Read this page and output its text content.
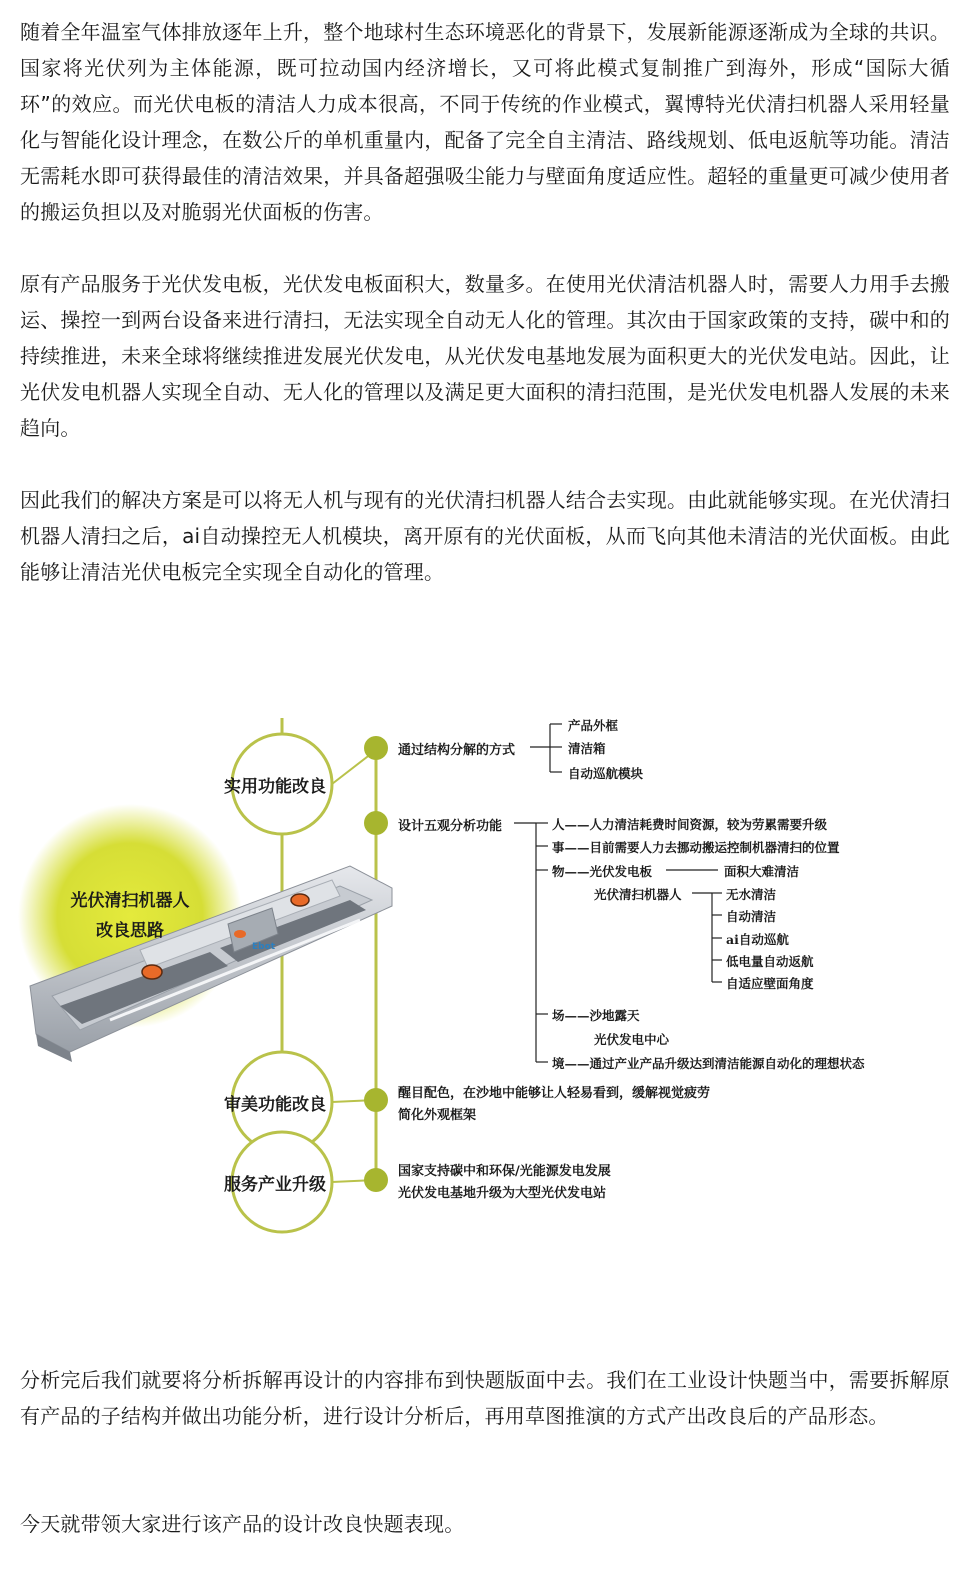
随着全年温室气体排放逐年上升，整个地球村生态环境恶化的背景下，发展新能源逐渐成为全球的共识。国家将光伏列为主体能源，既可拉动国内经济增长，又可将此模式复制推广到海外，形成“国际大循环”的效应。而光伏电板的清洁人力成本很高，不同于传统的作业模式，翼博特光伏清扫机器人采用轻量化与智能化设计理念，在数公斤的单机重量内，配备了完全自主清洁、路线规划、低电返航等功能。清洁无需耗水即可获得最佳的清洁效果，并具备超强吸尘能力与壁面角度适应性。超轻的重量更可减少使用者的搬运负担以及对脆弱光伏面板的伤害。

原有产品服务于光伏发电板，光伏发电板面积大，数量多。在使用光伏清洁机器人时，需要人力用手去搬运、操控一到两台设备来进行清扫，无法实现全自动无人化的管理。其次由于国家政策的支持，碳中和的持续推进，未来全球将继续推进发展光伏发电，从光伏发电基地发展为面积更大的光伏发电站。因此，让光伏发电机器人实现全自动、无人化的管理以及满足更大面积的清扫范围，是光伏发电机器人发展的未来趋向。

因此我们的解决方案是可以将无人机与现有的光伏清扫机器人结合去实现。由此就能够实现。在光伏清扫机器人清扫之后，ai自动操控无人机模块，离开原有的光伏面板，从而飞向其他未清洁的光伏面板。由此能够让清洁光伏电板完全实现全自动化的管理。

光伏清扫机器人
改良思路
Ebot
实用功能改良
审美功能改良
服务产业升级
通过结构分解的方式
产品外框
清洁箱
自动巡航模块
设计五观分析功能	人——人力清洁耗费时间资源，较为劳累需要升级
事——目前需要人力去挪动搬运控制机器清扫的位置
物——光伏发电板	面积大难清洁
光伏清扫机器人	无水清洁
自动清洁
ai自动巡航
低电量自动返航
自适应壁面角度
场——沙地露天
光伏发电中心
境——通过产业产品升级达到清洁能源自动化的理想状态
醒目配色，在沙地中能够让人轻易看到，缓解视觉疲劳
简化外观框架
国家支持碳中和环保/光能源发电发展
光伏发电基地升级为大型光伏发电站

分析完后我们就要将分析拆解再设计的内容排布到快题版面中去。我们在工业设计快题当中，需要拆解原有产品的子结构并做出功能分析，进行设计分析后，再用草图推演的方式产出改良后的产品形态。

今天就带领大家进行该产品的设计改良快题表现。
